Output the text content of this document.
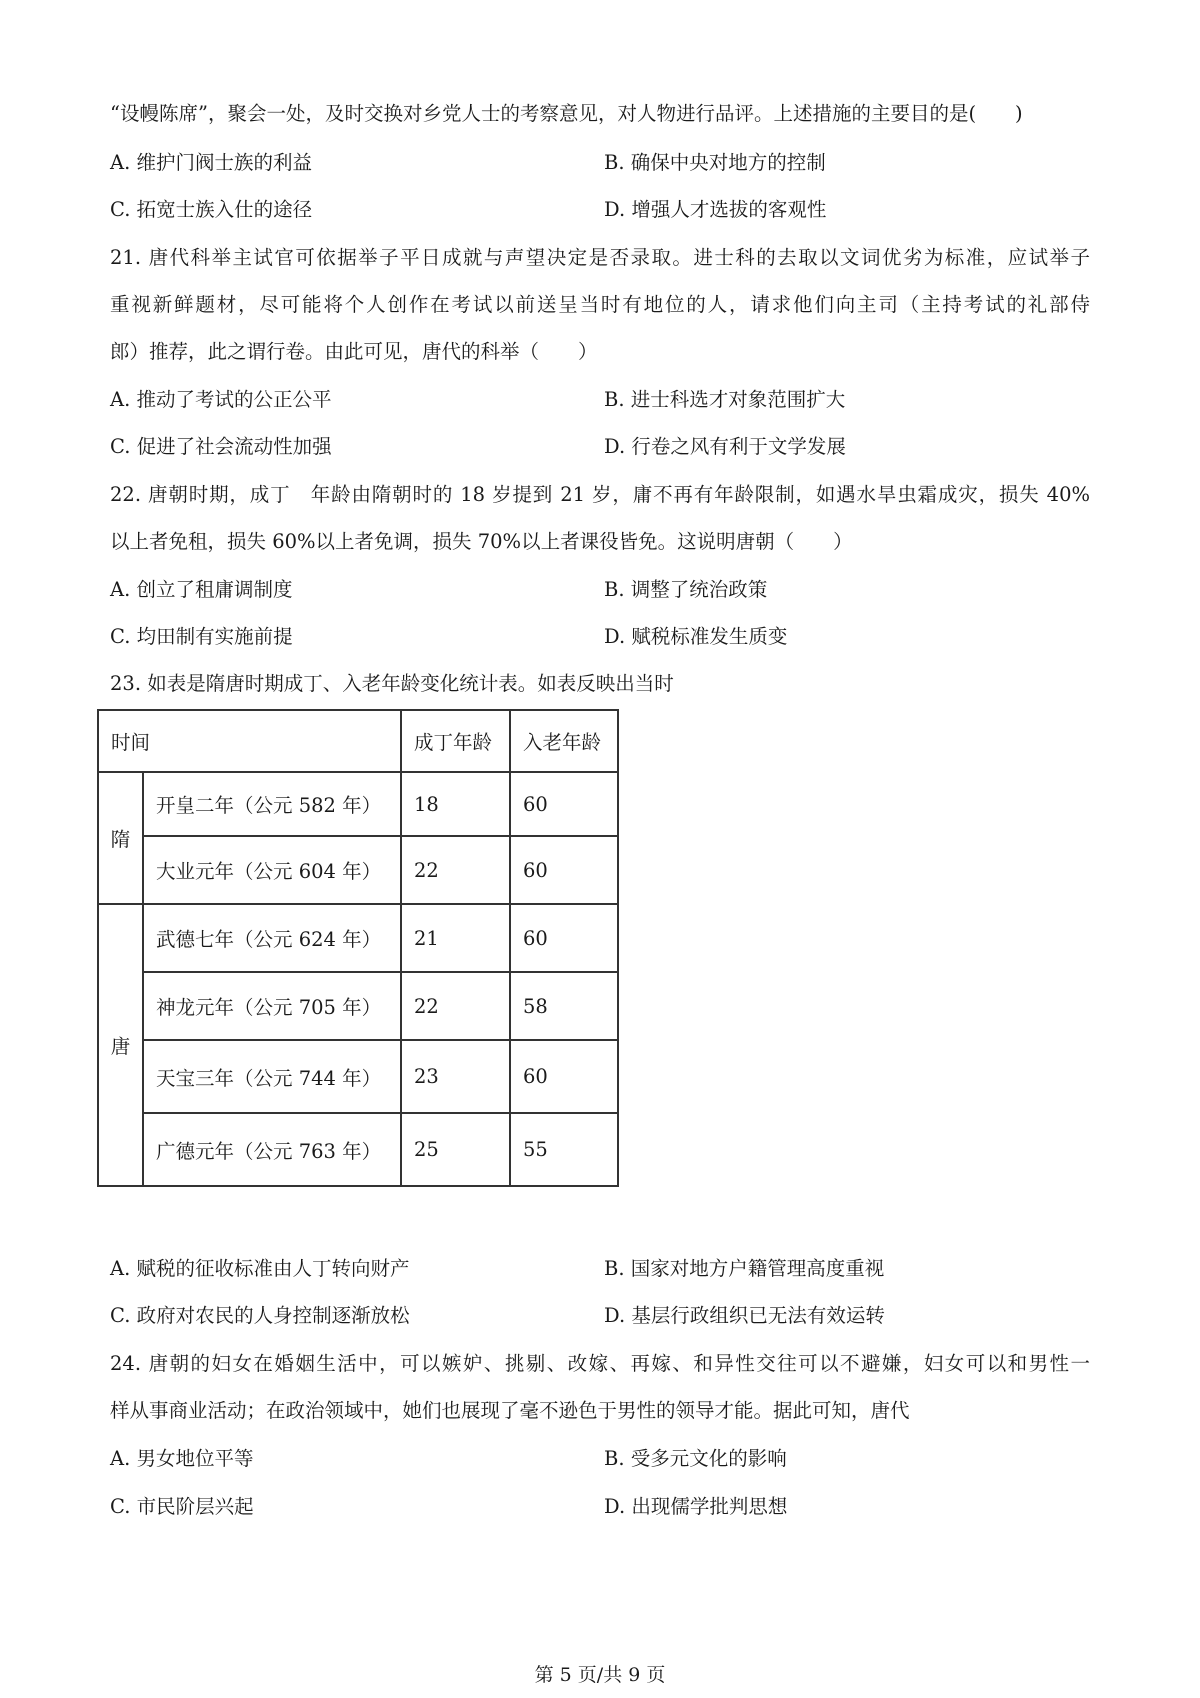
“设幔陈席”，聚会一处，及时交换对乡党人士的考察意见，对人物进行品评。上述措施的主要目的是(　　)
A. 维护门阀士族的利益	B. 确保中央对地方的控制
C. 拓宽士族入仕的途径	D. 增强人才选拔的客观性
21. 唐代科举主试官可依据举子平日成就与声望决定是否录取。进士科的去取以文词优劣为标准，应试举子
重视新鲜题材，尽可能将个人创作在考试以前送呈当时有地位的人，请求他们向主司（主持考试的礼部侍
郎）推荐，此之谓行卷。由此可见，唐代的科举（　　）
A. 推动了考试的公正公平	B. 进士科选才对象范围扩大
C. 促进了社会流动性加强	D. 行卷之风有利于文学发展
22. 唐朝时期，成丁　年龄由隋朝时的 18 岁提到 21 岁，庸不再有年龄限制，如遇水旱虫霜成灾，损失 40%
以上者免租，损失 60%以上者免调，损失 70%以上者课役皆免。这说明唐朝（　　）
A. 创立了租庸调制度	B. 调整了统治政策
C. 均田制有实施前提	D. 赋税标准发生质变
23. 如表是隋唐时期成丁、入老年龄变化统计表。如表反映出当时
时间		成丁年龄	入老年龄
隋	开皇二年（公元 582 年）	18	60
	大业元年（公元 604 年）	22	60
唐	武德七年（公元 624 年）	21	60
	神龙元年（公元 705 年）	22	58
	天宝三年（公元 744 年）	23	60
	广德元年（公元 763 年）	25	55
A. 赋税的征收标准由人丁转向财产	B. 国家对地方户籍管理高度重视
C. 政府对农民的人身控制逐渐放松	D. 基层行政组织已无法有效运转
24. 唐朝的妇女在婚姻生活中，可以嫉妒、挑剔、改嫁、再嫁、和异性交往可以不避嫌，妇女可以和男性一
样从事商业活动；在政治领域中，她们也展现了毫不逊色于男性的领导才能。据此可知，唐代
A. 男女地位平等	B. 受多元文化的影响
C. 市民阶层兴起	D. 出现儒学批判思想
第 5 页/共 9 页
